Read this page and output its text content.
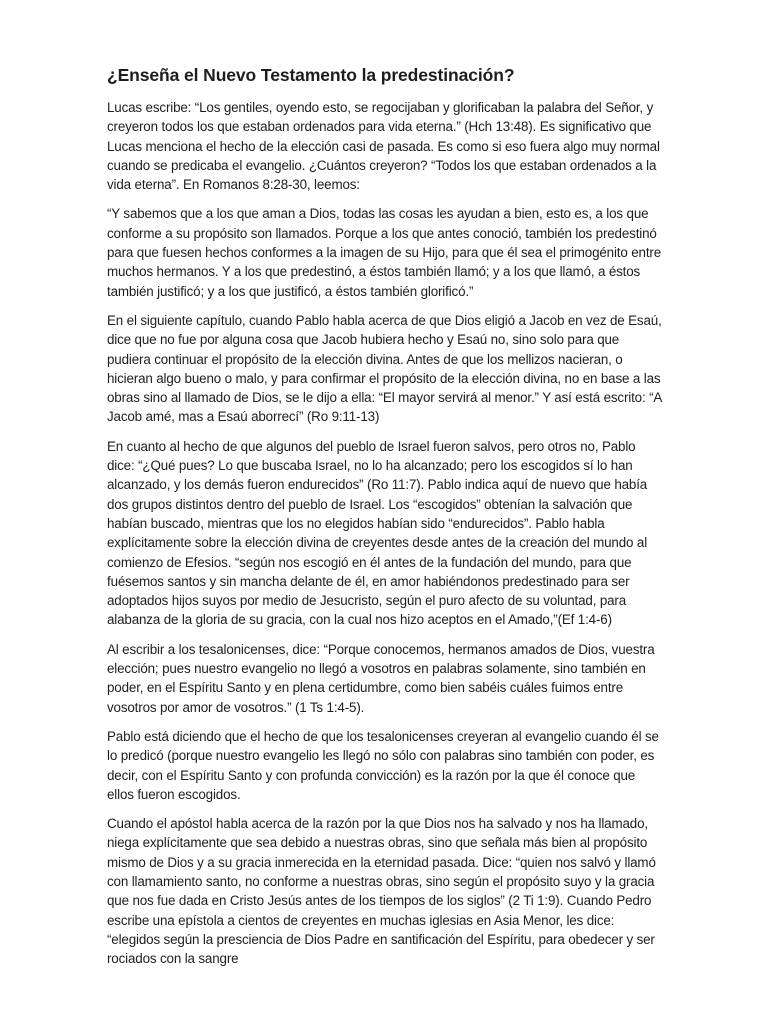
¿Enseña el Nuevo Testamento la predestinación?

Lucas escribe: “Los gentiles, oyendo esto, se regocijaban y glorificaban la palabra del Señor, y creyeron todos los que estaban ordenados para vida eterna.” (Hch 13:48). Es significativo que Lucas menciona el hecho de la elección casi de pasada. Es como si eso fuera algo muy normal cuando se predicaba el evangelio. ¿Cuántos creyeron? “Todos los que estaban ordenados a la vida eterna”. En Romanos 8:28-30, leemos:

“Y sabemos que a los que aman a Dios, todas las cosas les ayudan a bien, esto es, a los que conforme a su propósito son llamados. Porque a los que antes conoció, también los predestinó para que fuesen hechos conformes a la imagen de su Hijo, para que él sea el primogénito entre muchos hermanos. Y a los que predestinó, a éstos también llamó; y a los que llamó, a éstos también justificó; y a los que justificó, a éstos también glorificó.”

En el siguiente capítulo, cuando Pablo habla acerca de que Dios eligió a Jacob en vez de Esaú, dice que no fue por alguna cosa que Jacob hubiera hecho y Esaú no, sino solo para que pudiera continuar el propósito de la elección divina. Antes de que los mellizos nacieran, o hicieran algo bueno o malo, y para confirmar el propósito de la elección divina, no en base a las obras sino al llamado de Dios, se le dijo a ella: “El mayor servirá al menor.” Y así está escrito: “A Jacob amé, mas a Esaú aborrecí” (Ro 9:11-13)

En cuanto al hecho de que algunos del pueblo de Israel fueron salvos, pero otros no, Pablo dice: “¿Qué pues? Lo que buscaba Israel, no lo ha alcanzado; pero los escogidos sí lo han alcanzado, y los demás fueron endurecidos” (Ro 11:7). Pablo indica aquí de nuevo que había dos grupos distintos dentro del pueblo de Israel. Los “escogidos” obtenían la salvación que habían buscado, mientras que los no elegidos habían sido “endurecidos”. Pablo habla explícitamente sobre la elección divina de creyentes desde antes de la creación del mundo al comienzo de Efesios. “según nos escogió en él antes de la fundación del mundo, para que fuésemos santos y sin mancha delante de él, en amor habiéndonos predestinado para ser adoptados hijos suyos por medio de Jesucristo, según el puro afecto de su voluntad, para alabanza de la gloria de su gracia, con la cual nos hizo aceptos en el Amado,”(Ef 1:4-6)

Al escribir a los tesalonicenses, dice: “Porque conocemos, hermanos amados de Dios, vuestra elección; pues nuestro evangelio no llegó a vosotros en palabras solamente, sino también en poder, en el Espíritu Santo y en plena certidumbre, como bien sabéis cuáles fuimos entre vosotros por amor de vosotros.” (1 Ts 1:4-5).

Pablo está diciendo que el hecho de que los tesalonicenses creyeran al evangelio cuando él se lo predicó (porque nuestro evangelio les llegó no sólo con palabras sino también con poder, es decir, con el Espíritu Santo y con profunda convicción) es la razón por la que él conoce que ellos fueron escogidos.

Cuando el apóstol habla acerca de la razón por la que Dios nos ha salvado y nos ha llamado, niega explícitamente que sea debido a nuestras obras, sino que señala más bien al propósito mismo de Dios y a su gracia inmerecida en la eternidad pasada. Dice: “quien nos salvó y llamó con llamamiento santo, no conforme a nuestras obras, sino según el propósito suyo y la gracia que nos fue dada en Cristo Jesús antes de los tiempos de los siglos” (2 Ti 1:9). Cuando Pedro escribe una epístola a cientos de creyentes en muchas iglesias en Asia Menor, les dice: “elegidos según la presciencia de Dios Padre en santificación del Espíritu, para obedecer y ser rociados con la sangre
